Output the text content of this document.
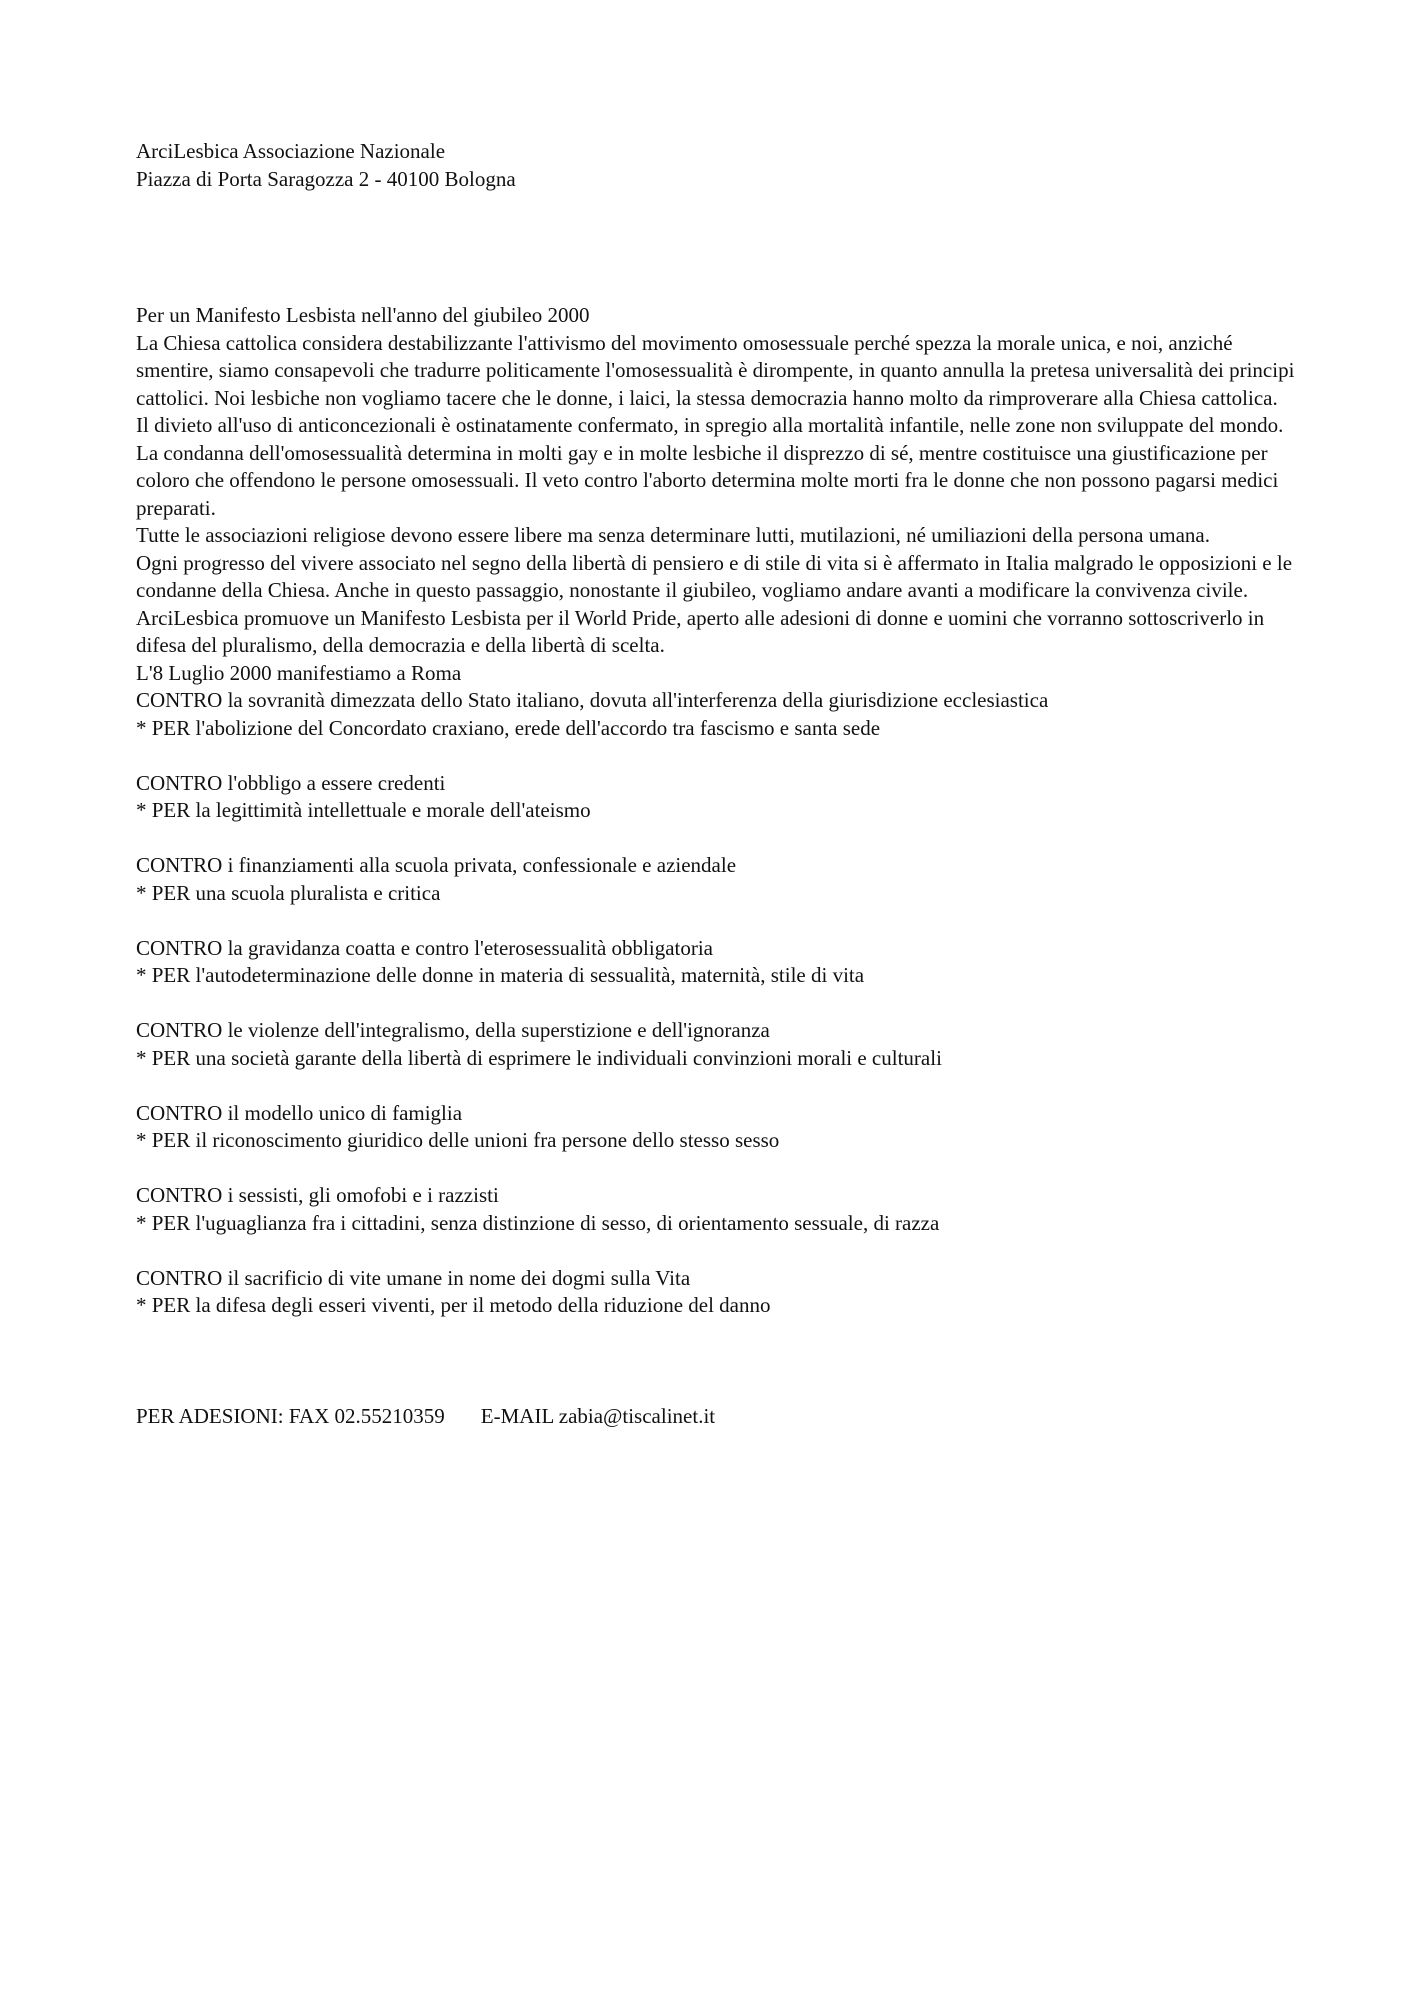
ArciLesbica Associazione Nazionale

Piazza di Porta Saragozza 2 - 40100 Bologna

Per un Manifesto Lesbista nell'anno del giubileo 2000

La Chiesa cattolica considera destabilizzante l'attivismo del movimento omosessuale perché spezza la morale unica, e noi, anziché smentire, siamo consapevoli che tradurre politicamente l'omosessualità è dirompente, in quanto annulla la pretesa universalità dei principi cattolici. Noi lesbiche non vogliamo tacere che le donne, i laici, la stessa democrazia hanno molto da rimproverare alla Chiesa cattolica.

Il divieto all'uso di anticoncezionali è ostinatamente confermato, in spregio alla mortalità infantile, nelle zone non sviluppate del mondo. La condanna dell'omosessualità determina in molti gay e in molte lesbiche il disprezzo di sé, mentre costituisce una giustificazione per coloro che offendono le persone omosessuali. Il veto contro l'aborto determina molte morti fra le donne che non possono pagarsi medici preparati.

Tutte le associazioni religiose devono essere libere ma senza determinare lutti, mutilazioni, né umiliazioni della persona umana.

Ogni progresso del vivere associato nel segno della libertà di pensiero e di stile di vita si è affermato in Italia malgrado le opposizioni e le condanne della Chiesa. Anche in questo passaggio, nonostante il giubileo, vogliamo andare avanti a modificare la convivenza civile.

ArciLesbica promuove un Manifesto Lesbista per il World Pride, aperto alle adesioni di donne e uomini che vorranno sottoscriverlo in difesa del pluralismo, della democrazia e della libertà di scelta.

L'8 Luglio 2000 manifestiamo a Roma

CONTRO la sovranità dimezzata dello Stato italiano, dovuta all'interferenza della giurisdizione ecclesiastica

* PER l'abolizione del Concordato craxiano, erede dell'accordo tra fascismo e santa sede

CONTRO l'obbligo a essere credenti

* PER la legittimità intellettuale e morale dell'ateismo

CONTRO i finanziamenti alla scuola privata, confessionale e aziendale

* PER una scuola pluralista e critica

CONTRO la gravidanza coatta e contro l'eterosessualità obbligatoria

* PER l'autodeterminazione delle donne in materia di sessualità, maternità, stile di vita

CONTRO le violenze dell'integralismo, della superstizione e dell'ignoranza

* PER una società garante della libertà di esprimere le individuali convinzioni morali e culturali

CONTRO il modello unico di famiglia

* PER il riconoscimento giuridico delle unioni fra persone dello stesso sesso

CONTRO i sessisti, gli omofobi e i razzisti

* PER l'uguaglianza fra i cittadini, senza distinzione di sesso, di orientamento sessuale, di razza

CONTRO il sacrificio di vite umane in nome dei dogmi sulla Vita

* PER la difesa degli esseri viventi, per il metodo della riduzione del danno

PER ADESIONI: FAX 02.55210359 E-MAIL zabia@tiscalinet.it
